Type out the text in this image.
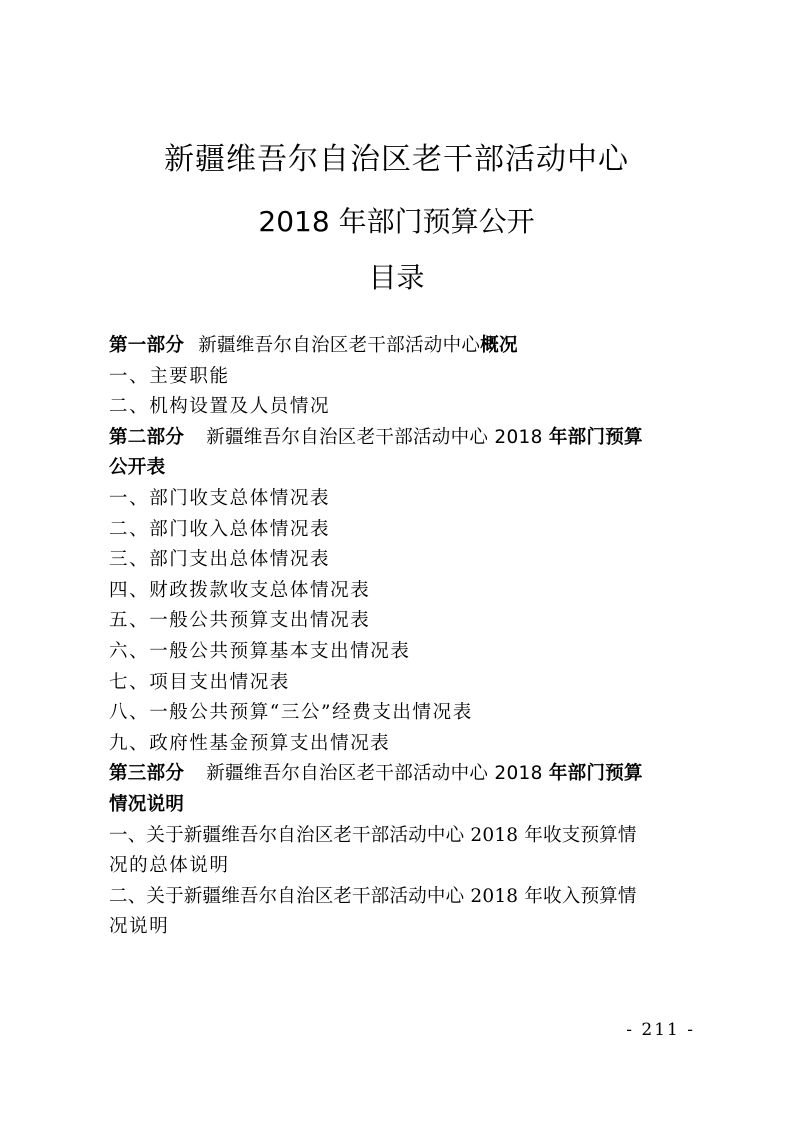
新疆维吾尔自治区老干部活动中心
2018 年部门预算公开
目录
第一部分 新疆维吾尔自治区老干部活动中心概况
一、主要职能
二、机构设置及人员情况
第二部分 新疆维吾尔自治区老干部活动中心 2018 年部门预算
公开表
一、部门收支总体情况表
二、部门收入总体情况表
三、部门支出总体情况表
四、财政拨款收支总体情况表
五、一般公共预算支出情况表
六、一般公共预算基本支出情况表
七、项目支出情况表
八、一般公共预算“三公”经费支出情况表
九、政府性基金预算支出情况表
第三部分 新疆维吾尔自治区老干部活动中心 2018 年部门预算
情况说明
一、关于新疆维吾尔自治区老干部活动中心 2018 年收支预算情
况的总体说明
二、关于新疆维吾尔自治区老干部活动中心 2018 年收入预算情
况说明
- 211 -
